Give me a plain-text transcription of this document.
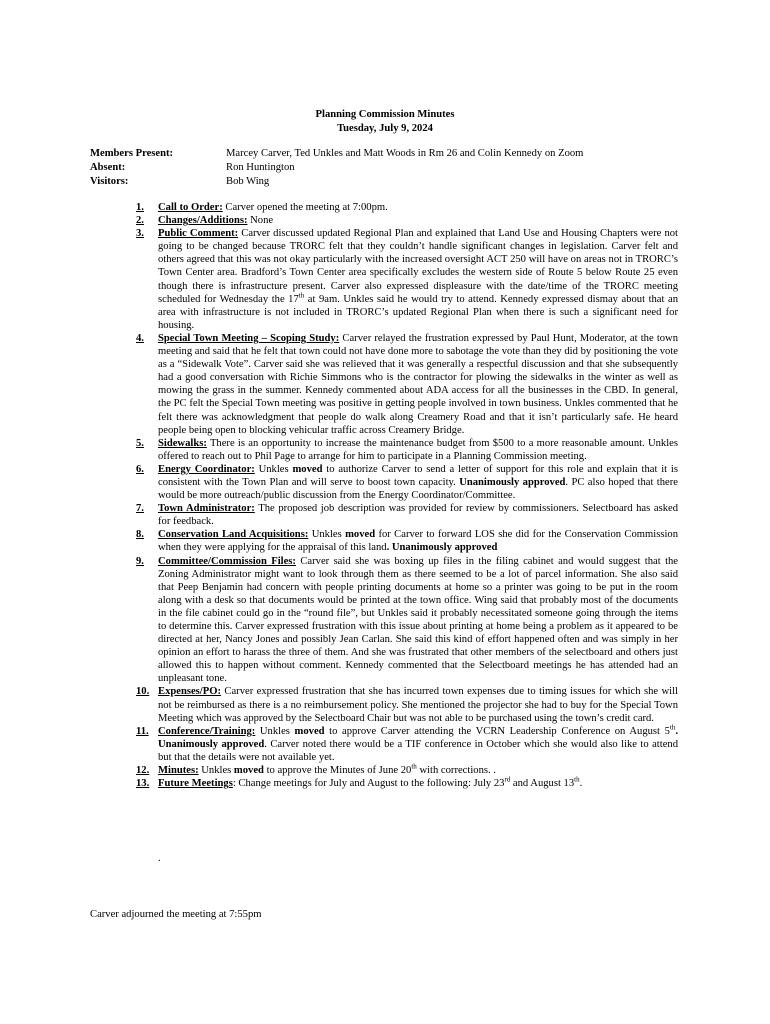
Planning Commission Minutes
Tuesday, July 9, 2024
Members Present:	Marcey Carver, Ted Unkles and Matt Woods in Rm 26 and Colin Kennedy on Zoom
Absent:	Ron Huntington
Visitors:	Bob Wing
1.	Call to Order: Carver opened the meeting at 7:00pm.
2.	Changes/Additions: None
3.	Public Comment: Carver discussed updated Regional Plan and explained that Land Use and Housing Chapters were not going to be changed because TRORC felt that they couldn’t handle significant changes in legislation. Carver felt and others agreed that this was not okay particularly with the increased oversight ACT 250 will have on areas not in TRORC’s Town Center area. Bradford’s Town Center area specifically excludes the western side of Route 5 below Route 25 even though there is infrastructure present. Carver also expressed displeasure with the date/time of the TRORC meeting scheduled for Wednesday the 17th at 9am. Unkles said he would try to attend. Kennedy expressed dismay about that an area with infrastructure is not included in TRORC’s updated Regional Plan when there is such a significant need for housing.
4.	Special Town Meeting – Scoping Study: Carver relayed the frustration expressed by Paul Hunt, Moderator, at the town meeting and said that he felt that town could not have done more to sabotage the vote than they did by positioning the vote as a “Sidewalk Vote”. Carver said she was relieved that it was generally a respectful discussion and that she subsequently had a good conversation with Richie Simmons who is the contractor for plowing the sidewalks in the winter as well as mowing the grass in the summer. Kennedy commented about ADA access for all the businesses in the CBD. In general, the PC felt the Special Town meeting was positive in getting people involved in town business. Unkles commented that he felt there was acknowledgment that people do walk along Creamery Road and that it isn’t particularly safe. He heard people being open to blocking vehicular traffic across Creamery Bridge.
5.	Sidewalks: There is an opportunity to increase the maintenance budget from $500 to a more reasonable amount. Unkles offered to reach out to Phil Page to arrange for him to participate in a Planning Commission meeting.
6.	Energy Coordinator: Unkles moved to authorize Carver to send a letter of support for this role and explain that it is consistent with the Town Plan and will serve to boost town capacity. Unanimously approved. PC also hoped that there would be more outreach/public discussion from the Energy Coordinator/Committee.
7.	Town Administrator: The proposed job description was provided for review by commissioners. Selectboard has asked for feedback.
8.	Conservation Land Acquisitions: Unkles moved for Carver to forward LOS she did for the Conservation Commission when they were applying for the appraisal of this land. Unanimously approved
9.	Committee/Commission Files: Carver said she was boxing up files in the filing cabinet and would suggest that the Zoning Administrator might want to look through them as there seemed to be a lot of parcel information. She also said that Peep Benjamin had concern with people printing documents at home so a printer was going to be put in the room along with a desk so that documents would be printed at the town office. Wing said that probably most of the documents in the file cabinet could go in the “round file”, but Unkles said it probably necessitated someone going through the items to determine this. Carver expressed frustration with this issue about printing at home being a problem as it appeared to be directed at her, Nancy Jones and possibly Jean Carlan. She said this kind of effort happened often and was simply in her opinion an effort to harass the three of them. And she was frustrated that other members of the selectboard and others just allowed this to happen without comment. Kennedy commented that the Selectboard meetings he has attended had an unpleasant tone.
10. Expenses/PO: Carver expressed frustration that she has incurred town expenses due to timing issues for which she will not be reimbursed as there is a no reimbursement policy. She mentioned the projector she had to buy for the Special Town Meeting which was approved by the Selectboard Chair but was not able to be purchased using the town’s credit card.
11. Conference/Training: Unkles moved to approve Carver attending the VCRN Leadership Conference on August 5th. Unanimously approved. Carver noted there would be a TIF conference in October which she would also like to attend but that the details were not available yet.
12. Minutes: Unkles moved to approve the Minutes of June 20th with corrections. .
13. Future Meetings: Change meetings for July and August to the following: July 23rd and August 13th.
.
Carver adjourned the meeting at 7:55pm
